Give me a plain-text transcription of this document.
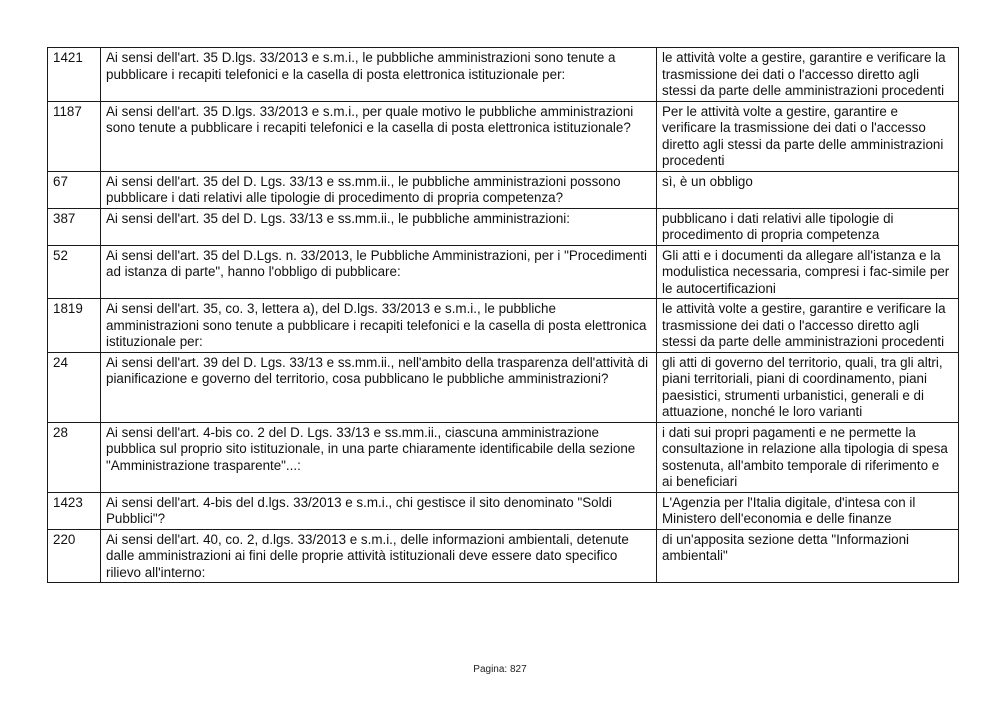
1421	Ai sensi dell'art. 35 D.lgs. 33/2013 e s.m.i., le pubbliche amministrazioni sono tenute a pubblicare i recapiti telefonici e la casella di posta elettronica istituzionale per:	le attività volte a gestire, garantire e verificare la trasmissione dei dati o l'accesso diretto agli stessi da parte delle amministrazioni procedenti
1187	Ai sensi dell'art. 35 D.lgs. 33/2013 e s.m.i., per quale motivo le pubbliche amministrazioni sono tenute a pubblicare i recapiti telefonici e la casella di posta elettronica istituzionale?	Per le attività volte a gestire, garantire e verificare la trasmissione dei dati o l'accesso diretto agli stessi da parte delle amministrazioni procedenti
67	Ai sensi dell'art. 35 del D. Lgs. 33/13 e ss.mm.ii., le pubbliche amministrazioni possono pubblicare i dati relativi alle tipologie di procedimento di propria competenza?	sì, è un obbligo
387	Ai sensi dell'art. 35 del D. Lgs. 33/13 e ss.mm.ii., le pubbliche amministrazioni:	pubblicano i dati relativi alle tipologie di procedimento di propria competenza
52	Ai sensi dell'art. 35 del D.Lgs. n. 33/2013, le Pubbliche Amministrazioni, per i "Procedimenti ad istanza di parte", hanno l'obbligo di pubblicare:	Gli atti e i documenti da allegare all'istanza e la modulistica necessaria, compresi i fac-simile per le autocertificazioni
1819	Ai sensi dell'art. 35, co. 3, lettera a), del D.lgs. 33/2013 e s.m.i., le pubbliche amministrazioni sono tenute a pubblicare i recapiti telefonici e la casella di posta elettronica istituzionale per:	le attività volte a gestire, garantire e verificare la trasmissione dei dati o l'accesso diretto agli stessi da parte delle amministrazioni procedenti
24	Ai sensi dell'art. 39 del D. Lgs. 33/13 e ss.mm.ii., nell'ambito della trasparenza dell'attività di pianificazione e governo del territorio, cosa pubblicano le pubbliche amministrazioni?	gli atti di governo del territorio, quali, tra gli altri, piani territoriali, piani di coordinamento, piani paesistici, strumenti urbanistici, generali e di attuazione, nonché le loro varianti
28	Ai sensi dell'art. 4-bis co. 2 del D. Lgs. 33/13 e ss.mm.ii., ciascuna amministrazione pubblica sul proprio sito istituzionale, in una parte chiaramente identificabile della sezione "Amministrazione trasparente"...:	i dati sui propri pagamenti e ne permette la consultazione in relazione alla tipologia di spesa sostenuta, all'ambito temporale di riferimento e ai beneficiari
1423	Ai sensi dell'art. 4-bis del d.lgs. 33/2013 e s.m.i., chi gestisce il sito denominato "Soldi Pubblici"?	L'Agenzia per l'Italia digitale, d'intesa con il Ministero dell'economia e delle finanze
220	Ai sensi dell'art. 40, co. 2, d.lgs. 33/2013 e s.m.i., delle informazioni ambientali, detenute dalle amministrazioni ai fini delle proprie attività istituzionali deve essere dato specifico rilievo all'interno:	di un'apposita sezione detta "Informazioni ambientali"
Pagina: 827
